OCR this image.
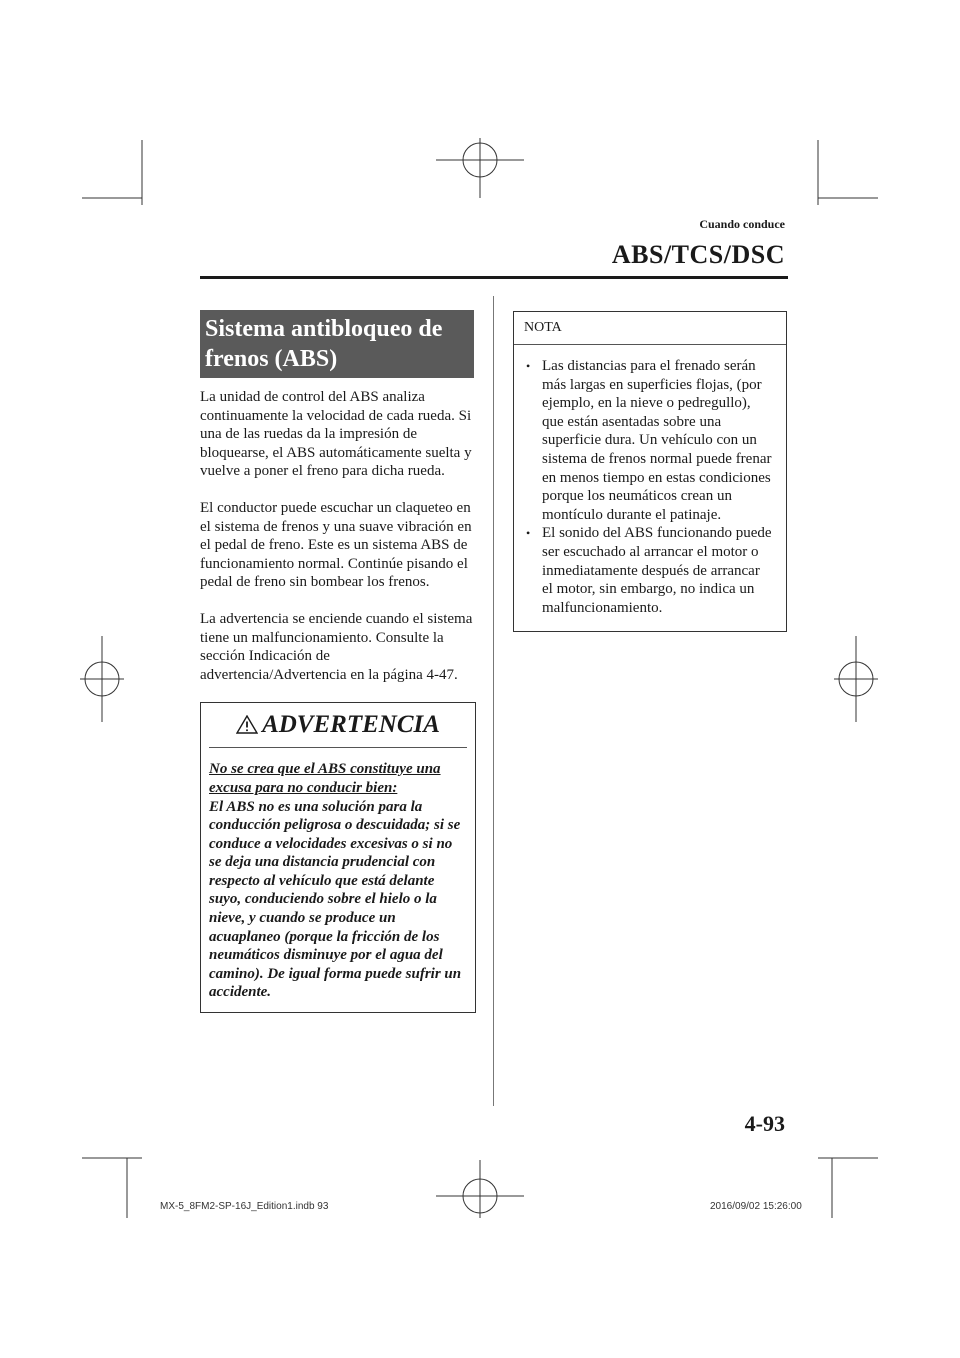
Cuando conduce
ABS/TCS/DSC
Sistema antibloqueo de frenos (ABS)

La unidad de control del ABS analiza continuamente la velocidad de cada rueda. Si una de las ruedas da la impresión de bloquearse, el ABS automáticamente suelta y vuelve a poner el freno para dicha rueda.

El conductor puede escuchar un claqueteo en el sistema de frenos y una suave vibración en el pedal de freno. Este es un sistema ABS de funcionamiento normal. Continúe pisando el pedal de freno sin bombear los frenos.

La advertencia se enciende cuando el sistema tiene un malfuncionamiento. Consulte la sección Indicación de advertencia/Advertencia en la página 4-47.

ADVERTENCIA
No se crea que el ABS constituye una excusa para no conducir bien:
El ABS no es una solución para la conducción peligrosa o descuidada; si se conduce a velocidades excesivas o si no se deja una distancia prudencial con respecto al vehículo que está delante suyo, conduciendo sobre el hielo o la nieve, y cuando se produce un acuaplaneo (porque la fricción de los neumáticos disminuye por el agua del camino). De igual forma puede sufrir un accidente.
NOTA
• Las distancias para el frenado serán más largas en superficies flojas, (por ejemplo, en la nieve o pedregullo), que están asentadas sobre una superficie dura. Un vehículo con un sistema de frenos normal puede frenar en menos tiempo en estas condiciones porque los neumáticos crean un montículo durante el patinaje.
• El sonido del ABS funcionando puede ser escuchado al arrancar el motor o inmediatamente después de arrancar el motor, sin embargo, no indica un malfuncionamiento.
4-93
MX-5_8FM2-SP-16J_Edition1.indb 93	2016/09/02 15:26:00
